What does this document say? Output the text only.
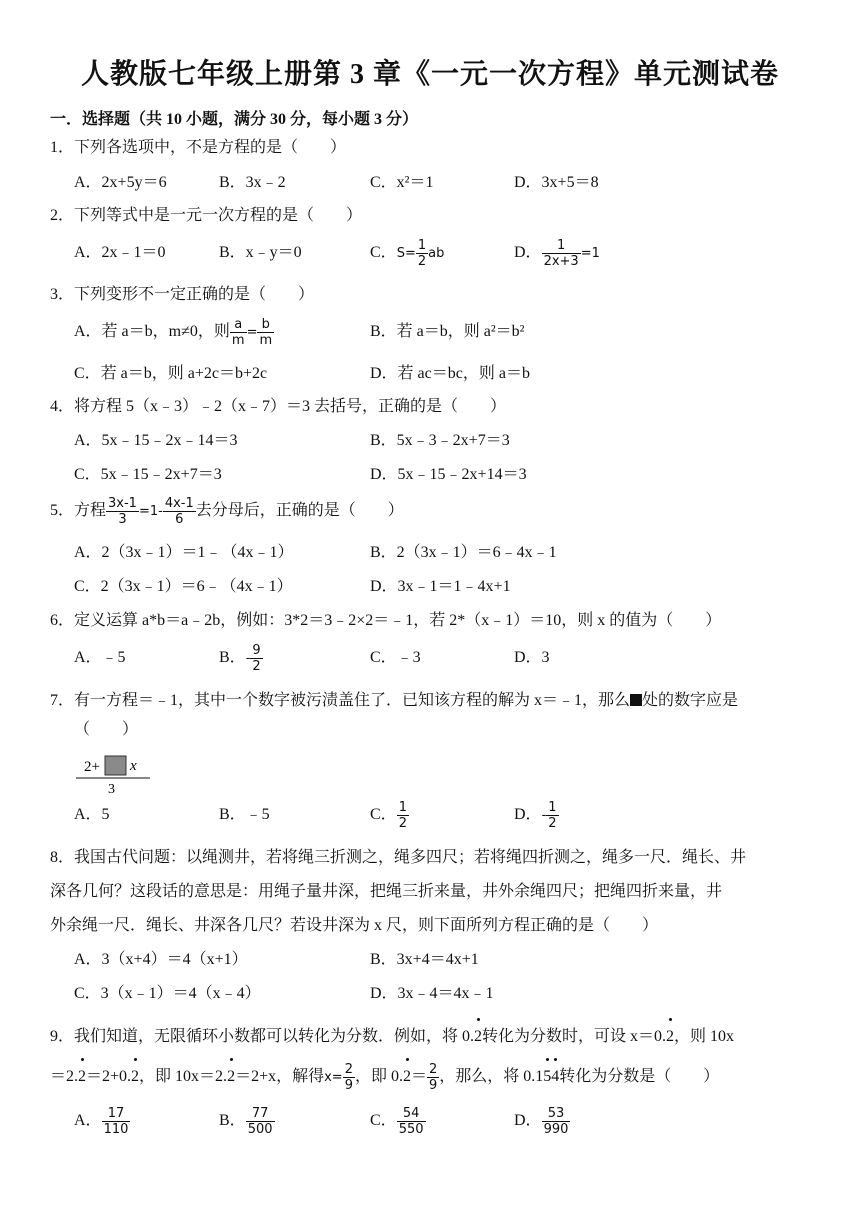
人教版七年级上册第 3 章《一元一次方程》单元测试卷
一．选择题（共 10 小题，满分 30 分，每小题 3 分）
1．下列各选项中，不是方程的是（　　）
A．2x+5y＝6	B．3x﹣2	C．x²＝1	D．3x+5＝8
2．下列等式中是一元一次方程的是（　　）
A．2x﹣1＝0	B．x﹣y＝0	C．$S= \frac{1}{2}$ ab	D． $\frac{1}{2x+3} =1$
3．下列变形不一定正确的是（　　）
A．若 a＝b，m≠0，则 $\frac{a}{m} = \frac{b}{m}$	B．若 a＝b，则 a²＝b²
C．若 a＝b，则 a+2c＝b+2c	D．若 ac＝bc，则 a＝b
4．将方程 5（x﹣3）﹣2（x﹣7）＝3 去括号，正确的是（　　）
A．5x﹣15﹣2x﹣14＝3	B．5x﹣3﹣2x+7＝3
C．5x﹣15﹣2x+7＝3	D．5x﹣15﹣2x+14＝3
5．方程 $\frac{3x-1}{3} =1- \frac{4x-1}{6}$ 去分母后，正确的是（　　）
A．2（3x﹣1）＝1﹣（4x﹣1）	B．2（3x﹣1）＝6﹣4x﹣1
C．2（3x﹣1）＝6﹣（4x﹣1）	D．3x﹣1＝1﹣4x+1
6．定义运算 a*b＝a﹣2b，例如：3*2＝3﹣2×2＝﹣1，若 2*（x﹣1）＝10，则 x 的值为（　　）
A．﹣5	B．- $\frac{9}{2}$	C．﹣3	D．3
7．有一方程＝﹣1，其中一个数字被污渍盖住了．已知该方程的解为 x＝﹣1，那么 处的数字应是
（　　）
2+ x
3
A．5	B．﹣5	C． $\frac{1}{2}$	D．- $\frac{1}{2}$
8．我国古代问题：以绳测井，若将绳三折测之，绳多四尺；若将绳四折测之，绳多一尺．绳长、井
深各几何？这段话的意思是：用绳子量井深，把绳三折来量，井外余绳四尺；把绳四折来量，井
外余绳一尺．绳长、井深各几尺？若设井深为 x 尺，则下面所列方程正确的是（　　）
A．3（x+4）＝4（x+1）	B．3x+4＝4x+1
C．3（x﹣1）＝4（x﹣4）	D．3x﹣4＝4x﹣1
9．我们知道，无限循环小数都可以转化为分数．例如，将 0.2转化为分数时，可设 x＝0.2，则 10x
＝2.2＝2+0.2，即 10x＝2.2＝2+x，解得$x= \frac{2}{9}$ ，即 $0.2= \frac{2}{9}$ ，那么，将 0.154转化为分数是（　　）
A． $\frac{17}{110}$	B． $\frac{77}{500}$	C． $\frac{54}{550}$	D． $\frac{53}{990}$
